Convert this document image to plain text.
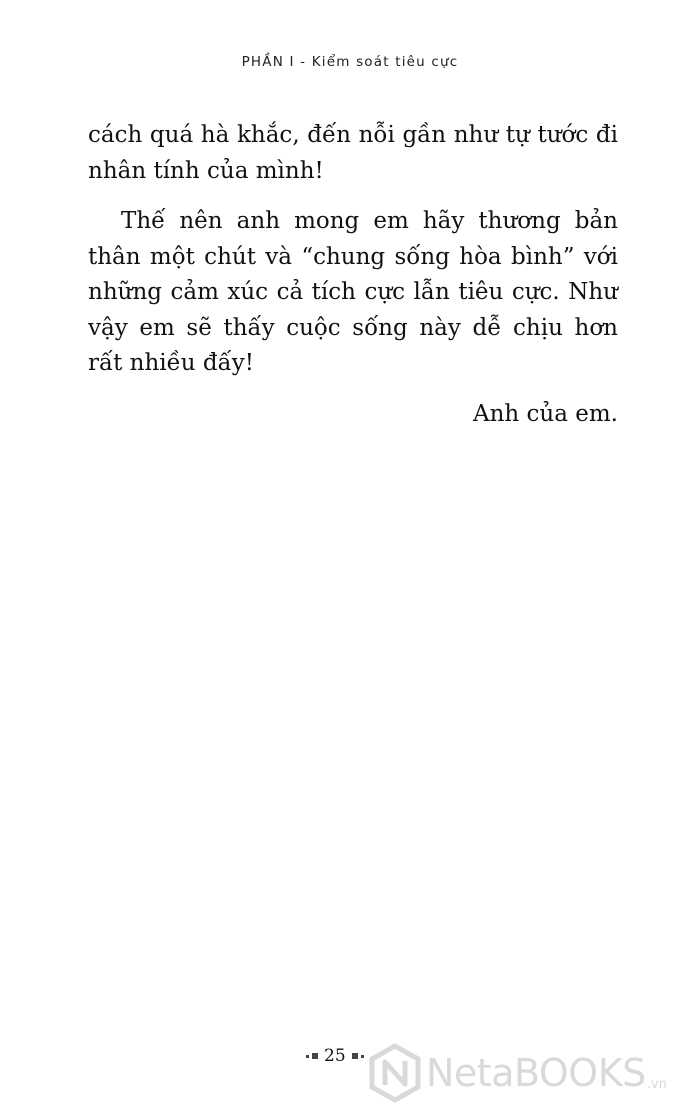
PHẦN I - Kiểm soát tiêu cực

cách quá hà khắc, đến nỗi gần như tự tước đi nhân tính của mình!

Thế nên anh mong em hãy thương bản thân một chút và “chung sống hòa bình” với những cảm xúc cả tích cực lẫn tiêu cực. Như vậy em sẽ thấy cuộc sống này dễ chịu hơn rất nhiều đấy!

Anh của em.

25 NetaBOOKS .vn
